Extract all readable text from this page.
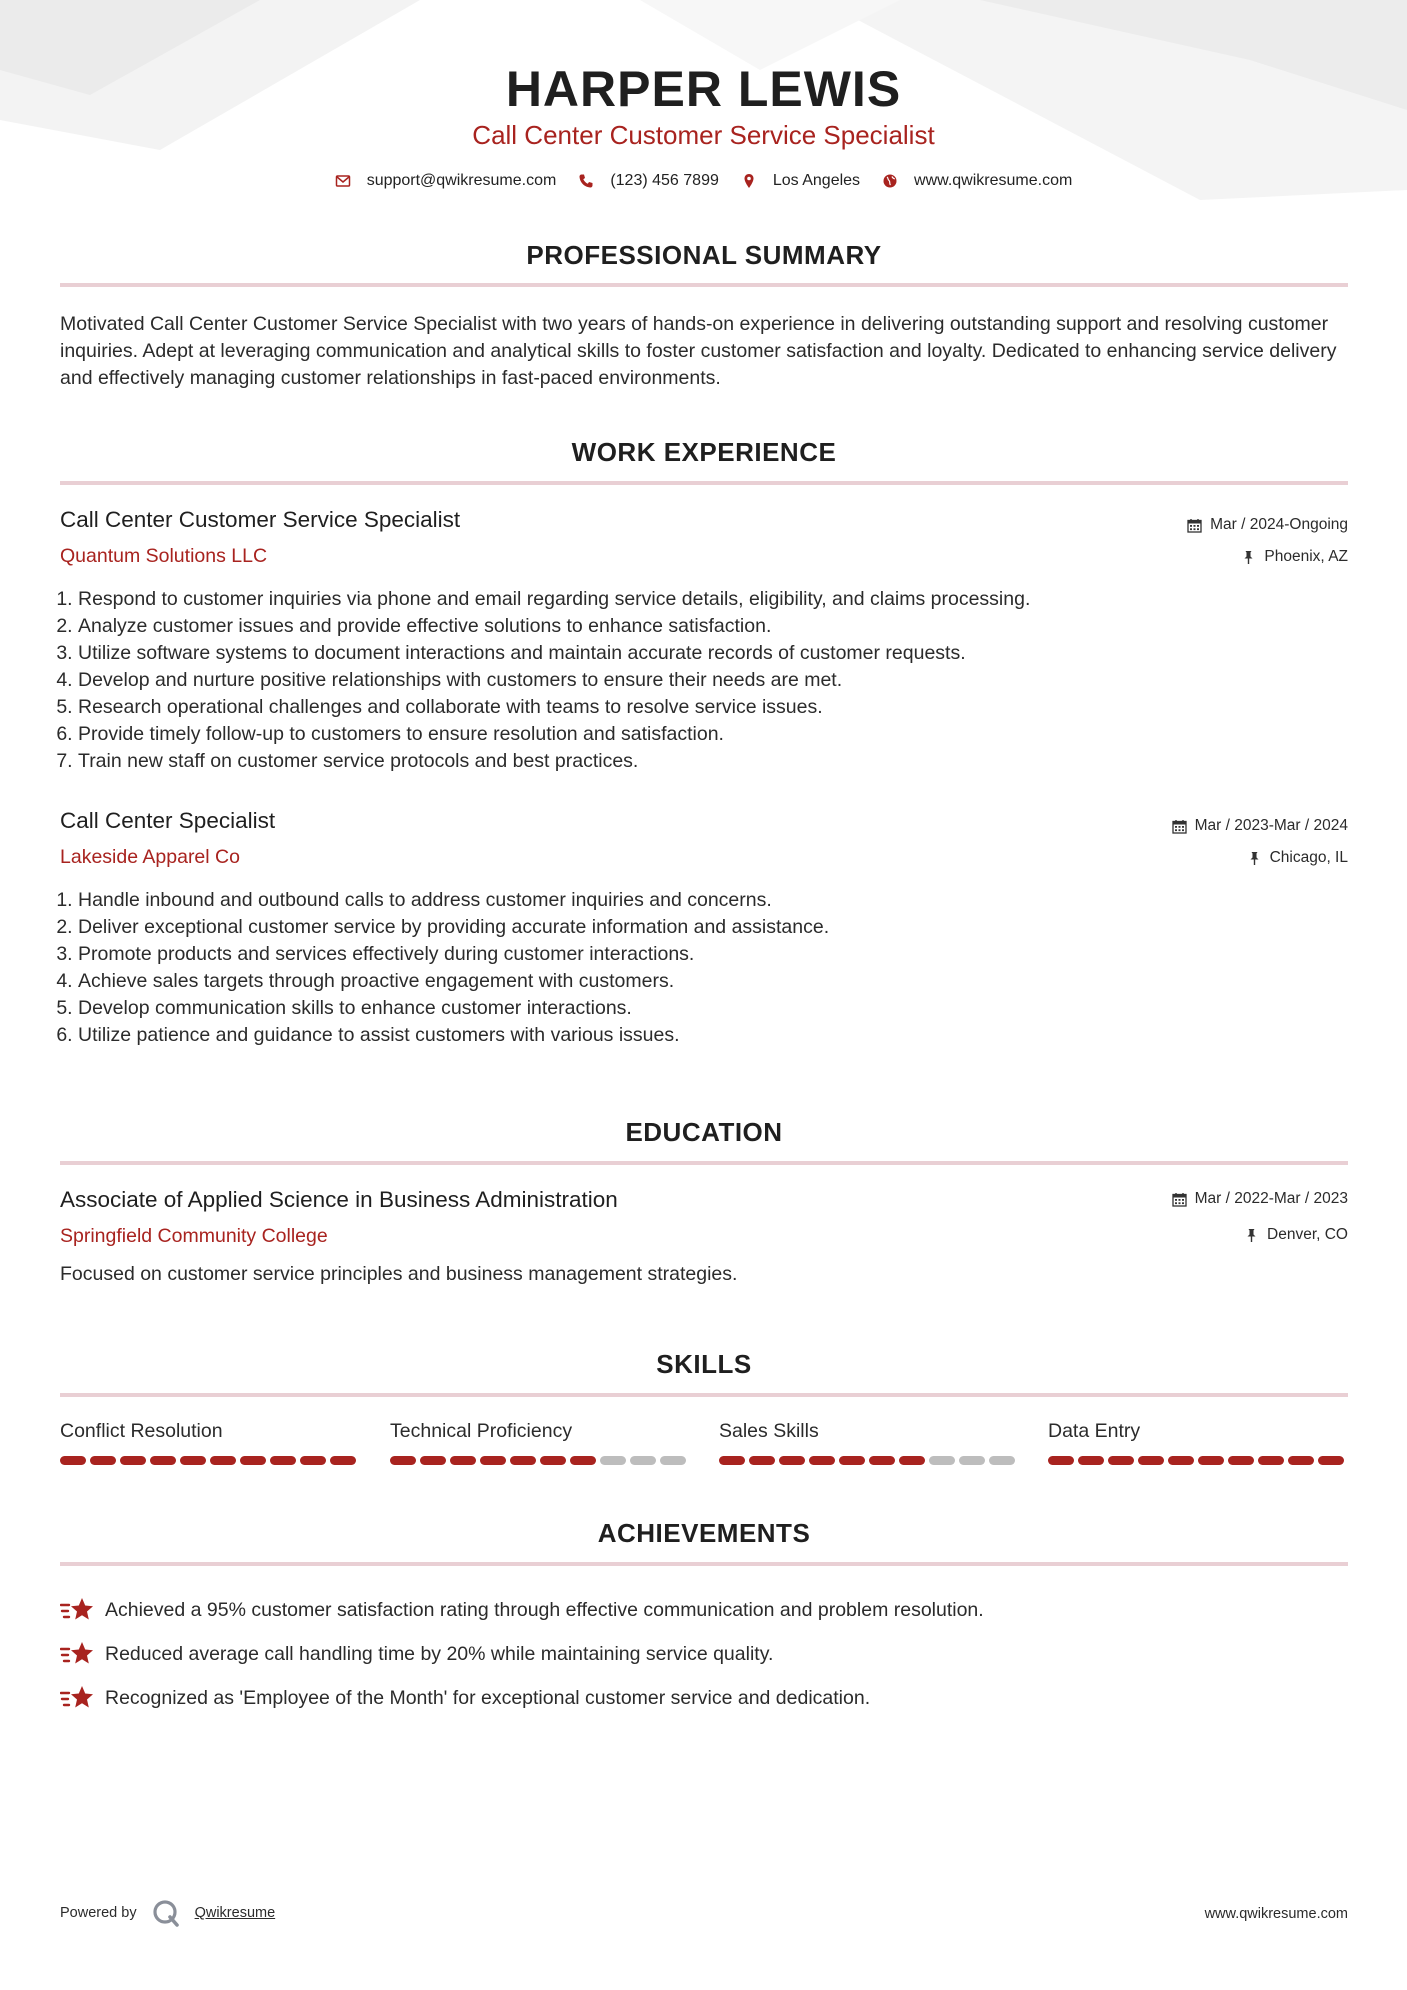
HARPER LEWIS
Call Center Customer Service Specialist
support@qwikresume.com	(123) 456 7899	Los Angeles	www.qwikresume.com
PROFESSIONAL SUMMARY

Motivated Call Center Customer Service Specialist with two years of hands-on experience in delivering outstanding support and resolving customer inquiries. Adept at leveraging communication and analytical skills to foster customer satisfaction and loyalty. Dedicated to enhancing service delivery and effectively managing customer relationships in fast-paced environments.

WORK EXPERIENCE
Call Center Customer Service Specialist
Quantum Solutions LLC
Mar / 2024-Ongoing
Phoenix, AZ
1. Respond to customer inquiries via phone and email regarding service details, eligibility, and claims processing.
2. Analyze customer issues and provide effective solutions to enhance satisfaction.
3. Utilize software systems to document interactions and maintain accurate records of customer requests.
4. Develop and nurture positive relationships with customers to ensure their needs are met.
5. Research operational challenges and collaborate with teams to resolve service issues.
6. Provide timely follow-up to customers to ensure resolution and satisfaction.
7. Train new staff on customer service protocols and best practices.
Call Center Specialist
Lakeside Apparel Co
Mar / 2023-Mar / 2024
Chicago, IL
1. Handle inbound and outbound calls to address customer inquiries and concerns.
2. Deliver exceptional customer service by providing accurate information and assistance.
3. Promote products and services effectively during customer interactions.
4. Achieve sales targets through proactive engagement with customers.
5. Develop communication skills to enhance customer interactions.
6. Utilize patience and guidance to assist customers with various issues.
EDUCATION
Associate of Applied Science in Business Administration
Springfield Community College
Mar / 2022-Mar / 2023
Denver, CO
Focused on customer service principles and business management strategies.
SKILLS
Conflict Resolution	Technical Proficiency	Sales Skills	Data Entry
ACHIEVEMENTS
Achieved a 95% customer satisfaction rating through effective communication and problem resolution.
Reduced average call handling time by 20% while maintaining service quality.
Recognized as 'Employee of the Month' for exceptional customer service and dedication.
Powered by	Qwikresume	www.qwikresume.com
